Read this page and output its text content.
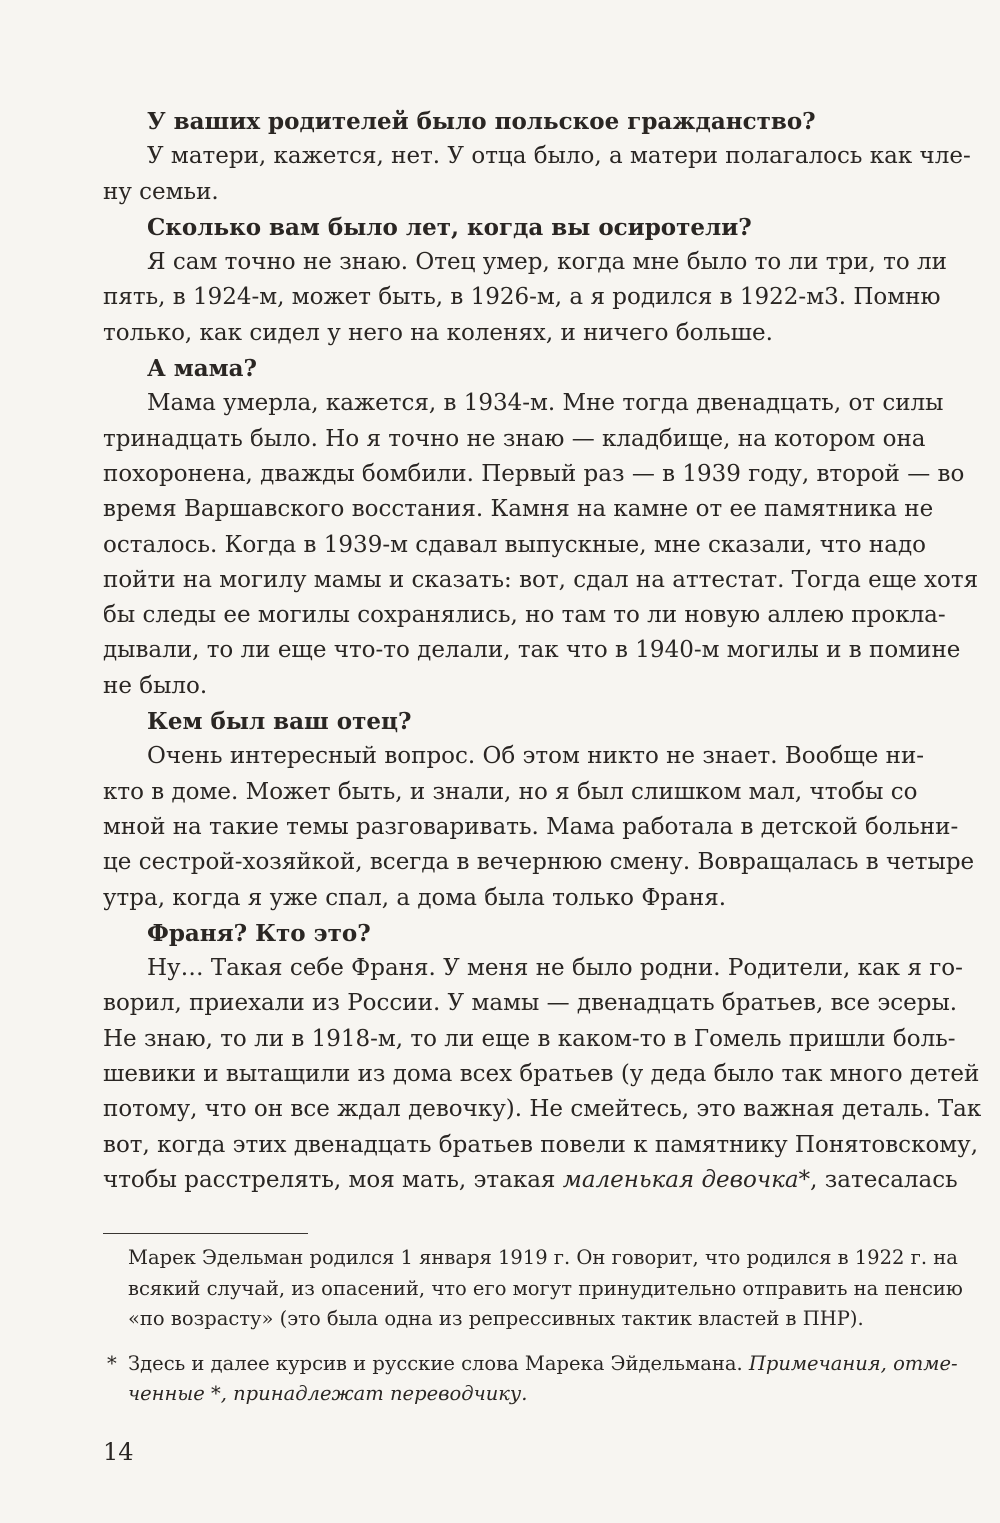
У ваших родителей было польское гражданство?
У матери, кажется, нет. У отца было, а матери полагалось как чле-
ну семьи.
Сколько вам было лет, когда вы осиротели?
Я сам точно не знаю. Отец умер, когда мне было то ли три, то ли
пять, в 1924-м, может быть, в 1926-м, а я родился в 1922-м3. Помню
только, как сидел у него на коленях, и ничего больше.
А мама?
Мама умерла, кажется, в 1934-м. Мне тогда двенадцать, от силы
тринадцать было. Но я точно не знаю — кладбище, на котором она
похоронена, дважды бомбили. Первый раз — в 1939 году, второй — во
время Варшавского восстания. Камня на камне от ее памятника не
осталось. Когда в 1939-м сдавал выпускные, мне сказали, что надо
пойти на могилу мамы и сказать: вот, сдал на аттестат. Тогда еще хотя
бы следы ее могилы сохранялись, но там то ли новую аллею прокла-
дывали, то ли еще что-то делали, так что в 1940-м могилы и в помине
не было.
Кем был ваш отец?
Очень интересный вопрос. Об этом никто не знает. Вообще ни-
кто в доме. Может быть, и знали, но я был слишком мал, чтобы со
мной на такие темы разговаривать. Мама работала в детской больни-
це сестрой-хозяйкой, всегда в вечернюю смену. Вовращалась в четыре
утра, когда я уже спал, а дома была только Франя.
Франя? Кто это?
Ну… Такая себе Франя. У меня не было родни. Родители, как я го-
ворил, приехали из России. У мамы — двенадцать братьев, все эсеры.
Не знаю, то ли в 1918-м, то ли еще в каком-то в Гомель пришли боль-
шевики и вытащили из дома всех братьев (у деда было так много детей
потому, что он все ждал девочку). Не смейтесь, это важная деталь. Так
вот, когда этих двенадцать братьев повели к памятнику Понятовскому,
чтобы расстрелять, моя мать, этакая маленькая девочка*, затесалась
Марек Эдельман родился 1 января 1919 г. Он говорит, что родился в 1922 г. на
всякий случай, из опасений, что его могут принудительно отправить на пенсию
«по возрасту» (это была одна из репрессивных тактик властей в ПНР).
* Здесь и далее курсив и русские слова Марека Эйдельмана. Примечания, отме-
ченные *, принадлежат переводчику.
14
